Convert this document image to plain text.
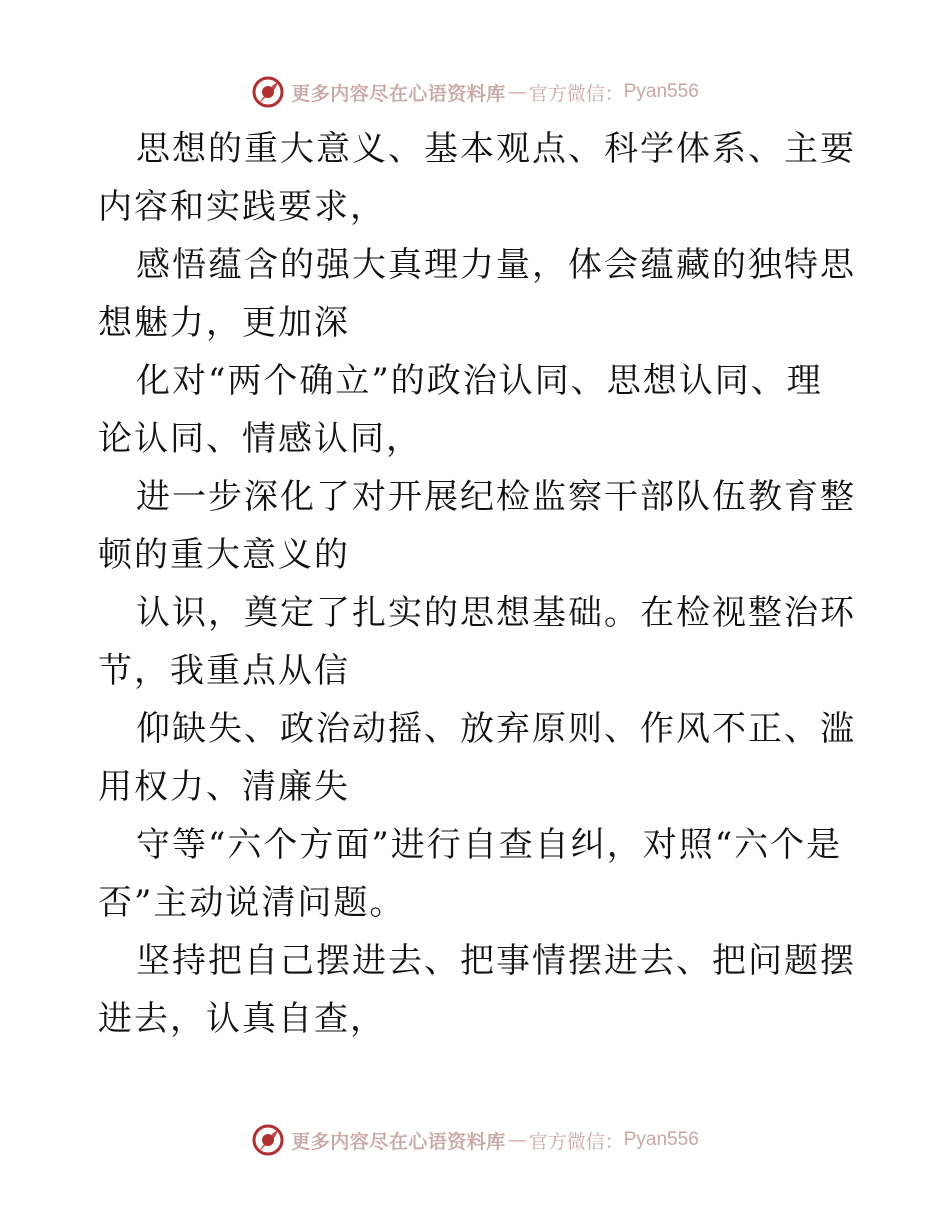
更多内容尽在心语资料库 — 官方微信： Pyan556

思想的重大意义、基本观点、科学体系、主要内容和实践要求，

感悟蕴含的强大真理力量，体会蕴藏的独特思想魅力，更加深

化对“两个确立”的政治认同、思想认同、理论认同、情感认同，

进一步深化了对开展纪检监察干部队伍教育整顿的重大意义的

认识，奠定了扎实的思想基础。在检视整治环节，我重点从信

仰缺失、政治动摇、放弃原则、作风不正、滥用权力、清廉失

守等“六个方面”进行自查自纠，对照“六个是否”主动说清问题。

坚持把自己摆进去、把事情摆进去、把问题摆进去，认真自查，

更多内容尽在心语资料库 — 官方微信： Pyan556
